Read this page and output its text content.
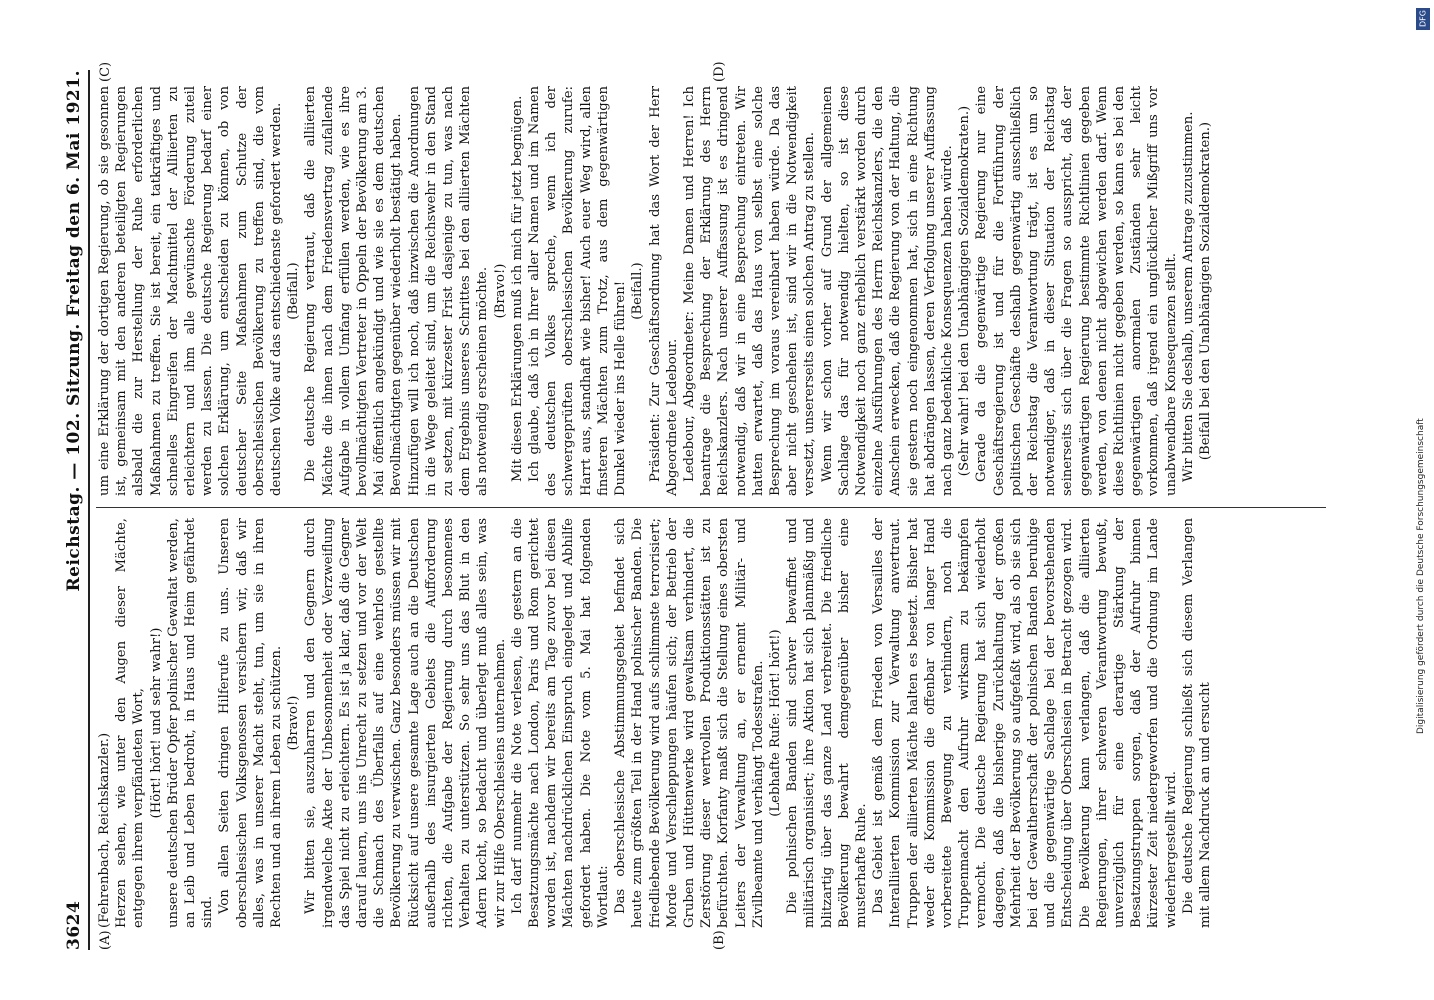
3624
Reichstag. — 102. Sitzung. Freitag den 6. Mai 1921.
(A)	(B)
(C)	(D)

(Fehrenbach, Reichskanzler.) Herzen sehen, wie unter den Augen dieser Mächte, entgegen ihrem verpfändeten Wort, (Hört! hört! und sehr wahr!) unsere deutschen Brüder Opfer polnischer Gewaltat werden, an Leib und Leben bedroht, in Haus und Heim gefährdet sind. Von allen Seiten dringen Hilferufe zu uns. Unseren oberschlesischen Volksgenossen versichern wir, daß wir alles, was in unserer Macht steht, tun, um sie in ihren Rechten und an ihrem Leben zu schützen. (Bravo!) Wir bitten sie, auszuharren und den Gegnern durch irgendwelche Akte der Unbesonnenheit oder Verzweiflung das Spiel nicht zu erleichtern. Es ist ja klar, daß die Gegner darauf lauern, uns ins Unrecht zu setzen und vor der Welt die Schmach des Überfalls auf eine wehrlos gestellte Bevölkerung zu verwischen. Ganz besonders müssen wir mit Rücksicht auf unsere gesamte Lage auch an die Deutschen außerhalb des insurgierten Gebiets die Aufforderung richten, die Aufgabe der Regierung durch besonnenes Verhalten zu unterstützen. So sehr uns das Blut in den Adern kocht, so bedacht und überlegt muß alles sein, was wir zur Hilfe Oberschlesiens unternehmen. Ich darf nunmehr die Note verlesen, die gestern an die Besatzungsmächte nach London, Paris und Rom gerichtet worden ist, nachdem wir bereits am Tage zuvor bei diesen Mächten nachdrücklichen Einspruch eingelegt und Abhilfe gefordert haben. Die Note vom 5. Mai hat folgenden Wortlaut: Das oberschlesische Abstimmungsgebiet befindet sich heute zum größten Teil in der Hand polnischer Banden. Die friedliebende Bevölkerung wird aufs schlimmste terrorisiert; Morde und Verschleppungen häufen sich; der Betrieb der Gruben und Hüttenwerke wird gewaltsam verhindert, die Zerstörung dieser wertvollen Produktionsstätten ist zu befürchten. Korfanty maßt sich die Stellung eines obersten Leiters der Verwaltung an, er ernennt Militär- und Zivilbeamte und verhängt Todesstrafen. (Lebhafte Rufe: Hört! hört!) Die polnischen Banden sind schwer bewaffnet und militärisch organisiert; ihre Aktion hat sich planmäßig und blitzartig über das ganze Land verbreitet. Die friedliche Bevölkerung bewahrt demgegenüber bisher eine musterhafte Ruhe. Das Gebiet ist gemäß dem Frieden von Versailles der Interalliierten Kommission zur Verwaltung anvertraut. Truppen der alliierten Mächte halten es besetzt. Bisher hat weder die Kommission die offenbar von langer Hand vorbereitete Bewegung zu verhindern, noch die Truppenmacht den Aufruhr wirksam zu bekämpfen vermocht. Die deutsche Regierung hat sich wiederholt dagegen, daß die bisherige Zurückhaltung der großen Mehrheit der Bevölkerung so aufgefaßt wird, als ob sie sich bei der Gewaltherrschaft der polnischen Banden beruhige und die gegenwärtige Sachlage bei der bevorstehenden Entscheidung über Oberschlesien in Betracht gezogen wird. Die Bevölkerung kann verlangen, daß die alliierten Regierungen, ihrer schweren Verantwortung bewußt, unverzüglich für eine derartige Stärkung der Besatzungstruppen sorgen, daß der Aufruhr binnen kürzester Zeit niedergeworfen und die Ordnung im Lande wiederhergestellt wird. Die deutsche Regierung schließt sich diesem Verlangen mit allem Nachdruck an und ersucht

um eine Erklärung der dortigen Regierung, ob sie gesonnen ist, gemeinsam mit den anderen beteiligten Regierungen alsbald die zur Herstellung der Ruhe erforderlichen Maßnahmen zu treffen. Sie ist bereit, ein tatkräftiges und schnelles Eingreifen der Machtmittel der Alliierten zu erleichtern und ihm alle gewünschte Förderung zuteil werden zu lassen. Die deutsche Regierung bedarf einer solchen Erklärung, um entscheiden zu können, ob von deutscher Seite Maßnahmen zum Schutze der oberschlesischen Bevölkerung zu treffen sind, die vom deutschen Volke auf das entschiedenste gefordert werden. (Beifall.) Die deutsche Regierung vertraut, daß die alliierten Mächte die ihnen nach dem Friedensvertrag zufallende Aufgabe in vollem Umfang erfüllen werden, wie es ihre bevollmächtigten Vertreter in Oppeln der Bevölkerung am 3. Mai öffentlich angekündigt und wie sie es dem deutschen Bevollmächtigten gegenüber wiederholt bestätigt haben. Hinzufügen will ich noch, daß inzwischen die Anordnungen in die Wege geleitet sind, um die Reichswehr in den Stand zu setzen, mit kürzester Frist dasjenige zu tun, was nach dem Ergebnis unseres Schrittes bei den alliierten Mächten als notwendig erscheinen möchte. (Bravo!) Mit diesen Erklärungen muß ich mich für jetzt begnügen. Ich glaube, daß ich in Ihrer aller Namen und im Namen des deutschen Volkes spreche, wenn ich der schwergeprüften oberschlesischen Bevölkerung zurufe: Harrt aus, standhaft wie bisher! Auch euer Weg wird, allen finsteren Mächten zum Trotz, aus dem gegenwärtigen Dunkel wieder ins Helle führen! (Beifall.) Präsident: Zur Geschäftsordnung hat das Wort der Herr Abgeordnete Ledebour. Ledebour, Abgeordneter: Meine Damen und Herren! Ich beantrage die Besprechung der Erklärung des Herrn Reichskanzlers. Nach unserer Auffassung ist es dringend notwendig, daß wir in eine Besprechung eintreten. Wir hatten erwartet, daß das Haus von selbst eine solche Besprechung im voraus vereinbart haben würde. Da das aber nicht geschehen ist, sind wir in die Notwendigkeit versetzt, unsererseits einen solchen Antrag zu stellen. Wenn wir schon vorher auf Grund der allgemeinen Sachlage das für notwendig hielten, so ist diese Notwendigkeit noch ganz erheblich verstärkt worden durch einzelne Ausführungen des Herrn Reichskanzlers, die den Anschein erwecken, daß die Regierung von der Haltung, die sie gestern noch eingenommen hat, sich in eine Richtung hat abdrängen lassen, deren Verfolgung unserer Auffassung nach ganz bedenkliche Konsequenzen haben würde. (Sehr wahr! bei den Unabhängigen Sozialdemokraten.) Gerade da die gegenwärtige Regierung nur eine Geschäftsregierung ist und für die Fortführung der politischen Geschäfte deshalb gegenwärtig ausschließlich der Reichstag die Verantwortung trägt, ist es um so notwendiger, daß in dieser Situation der Reichstag seinerseits sich über die Fragen so ausspricht, daß der gegenwärtigen Regierung bestimmte Richtlinien gegeben werden, von denen nicht abgewichen werden darf. Wenn diese Richtlinien nicht gegeben werden, so kann es bei den gegenwärtigen anormalen Zuständen sehr leicht vorkommen, daß irgend ein unglücklicher Mißgriff uns vor unabwendbare Konsequenzen stellt. Wir bitten Sie deshalb, unserem Antrage zuzustimmen. (Beifall bei den Unabhängigen Sozialdemokraten.)

DFG
Digitalisierung gefördert durch die Deutsche Forschungsgemeinschaft
